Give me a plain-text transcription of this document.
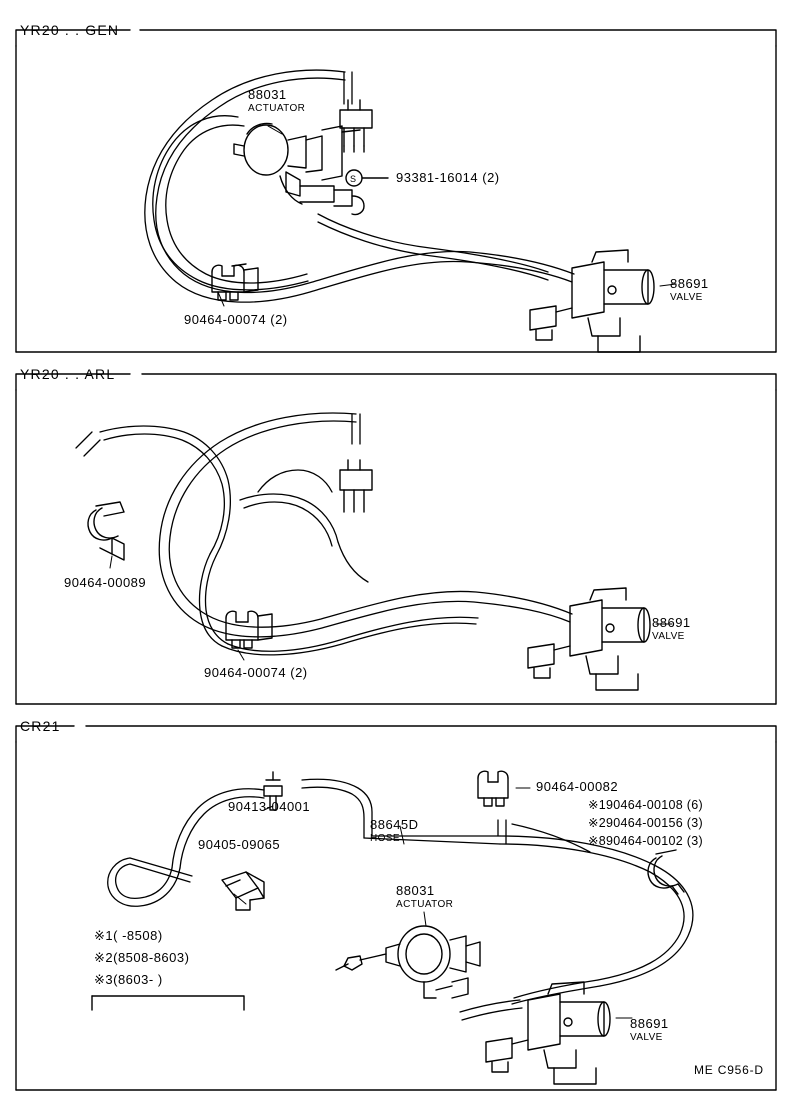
S
YR20 . . GEN
YR20 . . ARL
CR21
88031
ACTUATOR
93381-16014 (2)
90464-00074 (2)
88691
VALVE
90464-00089
90464-00074 (2)
88691
VALVE
90413-04001
90405-09065
88645D
HOSE
90464-00082
※190464-00108 (6)
※290464-00156 (3)
※890464-00102 (3)
88031
ACTUATOR
88691
VALVE
※1( -8508)
※2(8508-8603)
※3(8603- )
ME C956-D
